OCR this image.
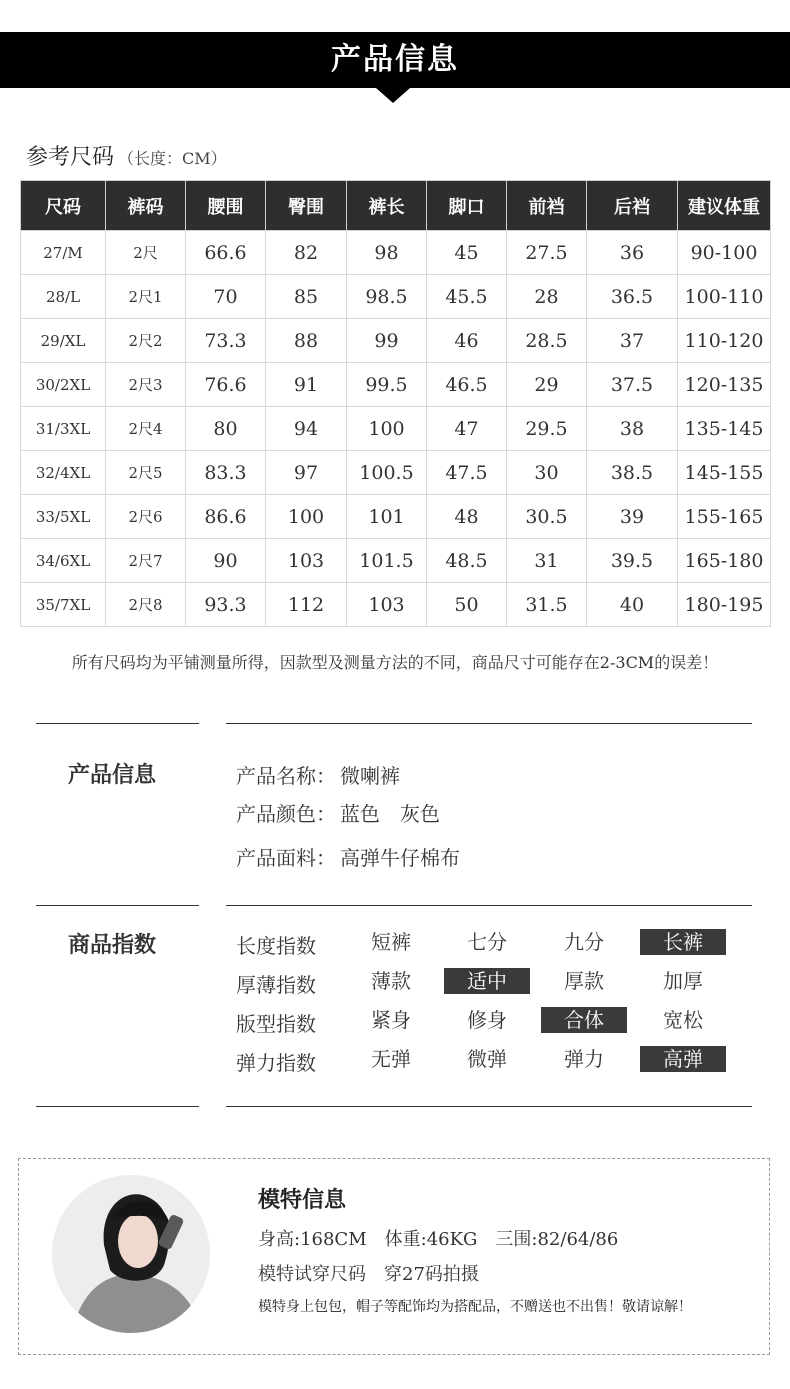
产品信息
参考尺码 （长度：CM）
尺码	裤码	腰围	臀围	裤长	脚口	前裆	后裆	建议体重
27/M	2尺	66.6	82	98	45	27.5	36	90-100
28/L	2尺1	70	85	98.5	45.5	28	36.5	100-110
29/XL	2尺2	73.3	88	99	46	28.5	37	110-120
30/2XL	2尺3	76.6	91	99.5	46.5	29	37.5	120-135
31/3XL	2尺4	80	94	100	47	29.5	38	135-145
32/4XL	2尺5	83.3	97	100.5	47.5	30	38.5	145-155
33/5XL	2尺6	86.6	100	101	48	30.5	39	155-165
34/6XL	2尺7	90	103	101.5	48.5	31	39.5	165-180
35/7XL	2尺8	93.3	112	103	50	31.5	40	180-195
所有尺码均为平铺测量所得，因款型及测量方法的不同，商品尺寸可能存在2-3CM的误差！
产品信息	产品名称： 微喇裤
产品颜色： 蓝色　灰色
产品面料： 高弹牛仔棉布
商品指数	长度指数	短裤	七分	九分	长裤
厚薄指数	薄款	适中	厚款	加厚
版型指数	紧身	修身	合体	宽松
弹力指数	无弹	微弹	弹力	高弹
模特信息
身高:168CM　体重:46KG　三围:82/64/86
模特试穿尺码　穿27码拍摄
模特身上包包，帽子等配饰均为搭配品，不赠送也不出售！敬请谅解！
